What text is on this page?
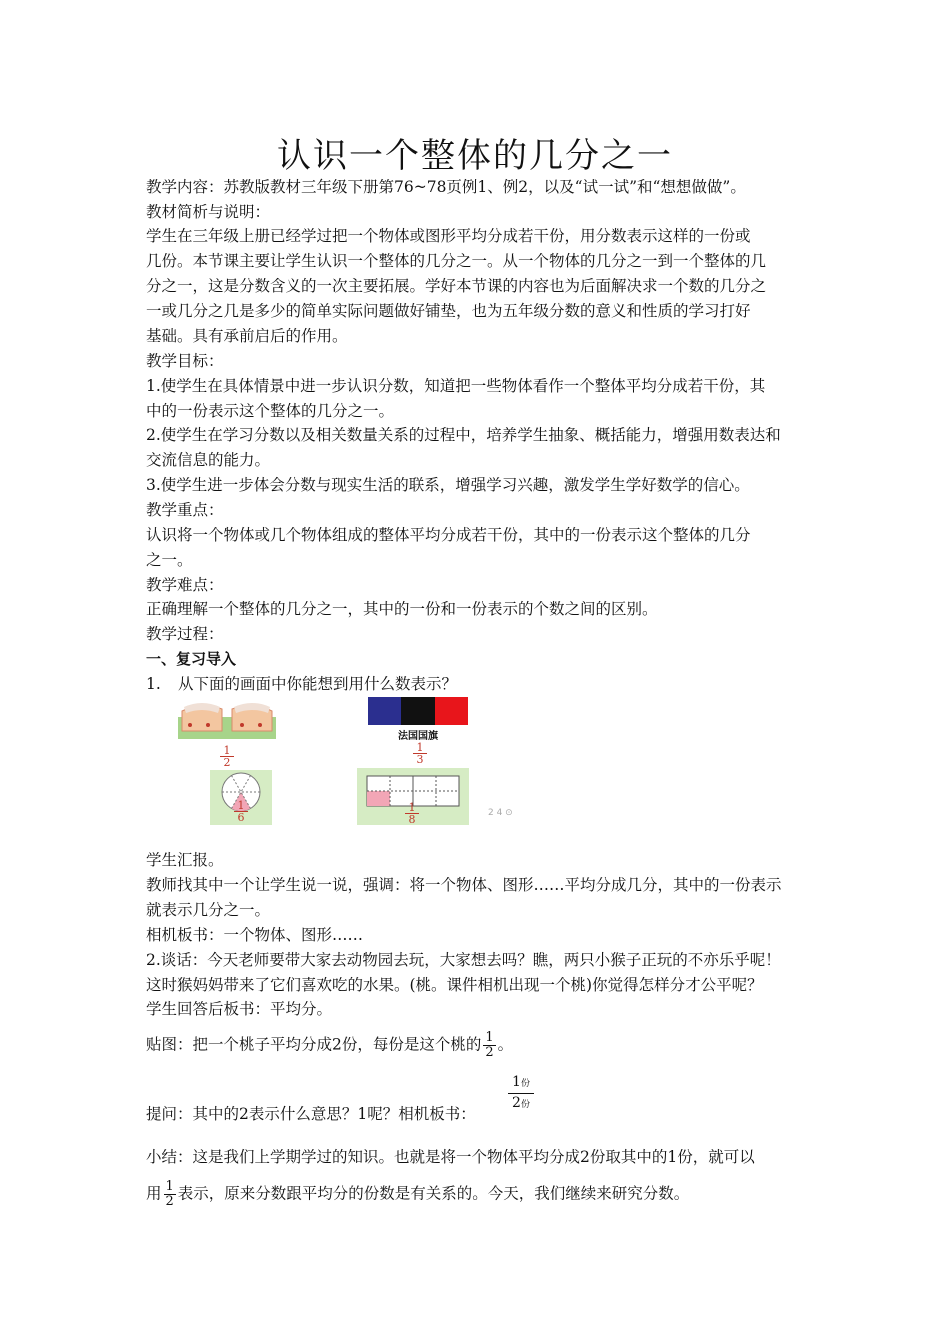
认识一个整体的几分之一
教学内容：苏教版教材三年级下册第76~78页例1、例2，以及“试一试”和“想想做做”。
教材简析与说明：
学生在三年级上册已经学过把一个物体或图形平均分成若干份，用分数表示这样的一份或
几份。本节课主要让学生认识一个整体的几分之一。从一个物体的几分之一到一个整体的几
分之一，这是分数含义的一次主要拓展。学好本节课的内容也为后面解决求一个数的几分之
一或几分之几是多少的简单实际问题做好铺垫，也为五年级分数的意义和性质的学习打好
基础。具有承前启后的作用。
教学目标：
1.使学生在具体情景中进一步认识分数，知道把一些物体看作一个整体平均分成若干份，其
中的一份表示这个整体的几分之一。
2.使学生在学习分数以及相关数量关系的过程中，培养学生抽象、概括能力，增强用数表达和
交流信息的能力。
3.使学生进一步体会分数与现实生活的联系，增强学习兴趣，激发学生学好数学的信心。
教学重点：
认识将一个物体或几个物体组成的整体平均分成若干份，其中的一份表示这个整体的几分
之一。
教学难点：
正确理解一个整体的几分之一，其中的一份和一份表示的个数之间的区别。
教学过程：
一、复习导入
1.	从下面的画面中你能想到用什么数表示？
1
2
法国国旗
1
3
1
6
1
8	2 4 ⊙
学生汇报。
教师找其中一个让学生说一说，强调：将一个物体、图形……平均分成几分，其中的一份表示
就表示几分之一。
相机板书：一个物体、图形……
2.谈话：今天老师要带大家去动物园去玩，大家想去吗？瞧，两只小猴子正玩的不亦乐乎呢！
这时猴妈妈带来了它们喜欢吃的水果。(桃。课件相机出现一个桃)你觉得怎样分才公平呢？
学生回答后板书：平均分。
贴图：把一个桃子平均分成2份，每份是这个桃的 $\frac{1}{2}$ 。
提问：其中的2表示什么意思？1呢？相机板书：
1份
2份
小结：这是我们上学期学过的知识。也就是将一个物体平均分成2份取其中的1份，就可以
用 $\frac{1}{2}$ 表示，原来分数跟平均分的份数是有关系的。今天，我们继续来研究分数。
